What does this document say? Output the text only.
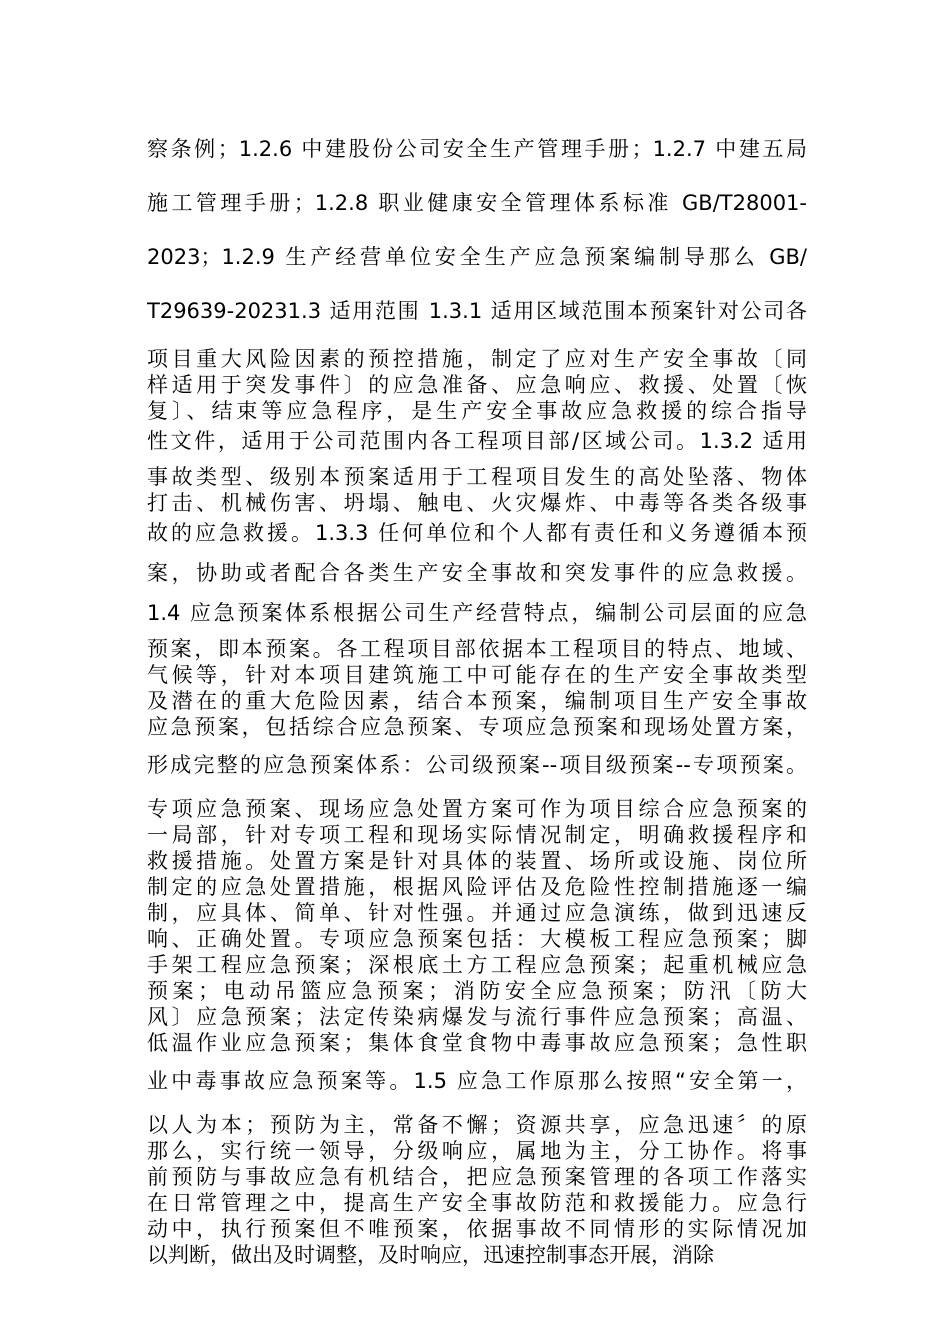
察条例；1.2.6 中建股份公司安全生产管理手册；1.2.7 中建五局
施工管理手册；1.2.8 职业健康安全管理体系标准 GB/T28001-
2023；1.2.9 生产经营单位安全生产应急预案编制导那么 GB/
T29639-20231.3 适用范围 1.3.1 适用区域范围本预案针对公司各
项目重大风险因素的预控措施，制定了应对生产安全事故〔同
样适用于突发事件〕的应急准备、应急响应、救援、处置〔恢
复〕、结束等应急程序，是生产安全事故应急救援的综合指导
性文件，适用于公司范围内各工程项目部/区域公司。1.3.2 适用
事故类型、级别本预案适用于工程项目发生的高处坠落、物体
打击、机械伤害、坍塌、触电、火灾爆炸、中毒等各类各级事
故的应急救援。1.3.3 任何单位和个人都有责任和义务遵循本预
案，协助或者配合各类生产安全事故和突发事件的应急救援。
1.4 应急预案体系根据公司生产经营特点，编制公司层面的应急
预案，即本预案。各工程项目部依据本工程项目的特点、地域、
气候等，针对本项目建筑施工中可能存在的生产安全事故类型
及潜在的重大危险因素，结合本预案，编制项目生产安全事故
应急预案，包括综合应急预案、专项应急预案和现场处置方案，
形成完整的应急预案体系：公司级预案--项目级预案--专项预案。
专项应急预案、现场应急处置方案可作为项目综合应急预案的
一局部，针对专项工程和现场实际情况制定，明确救援程序和
救援措施。处置方案是针对具体的装置、场所或设施、岗位所
制定的应急处置措施，根据风险评估及危险性控制措施逐一编
制，应具体、简单、针对性强。并通过应急演练，做到迅速反
响、正确处置。专项应急预案包括：大模板工程应急预案；脚
手架工程应急预案；深根底土方工程应急预案；起重机械应急
预案；电动吊篮应急预案；消防安全应急预案；防汛〔防大
风〕应急预案；法定传染病爆发与流行事件应急预案；高温、
低温作业应急预案；集体食堂食物中毒事故应急预案；急性职
业中毒事故应急预案等。1.5 应急工作原那么按照“安全第一，
以人为本；预防为主，常备不懈；资源共享，应急迅速〞的原
那么，实行统一领导，分级响应，属地为主，分工协作。将事
前预防与事故应急有机结合，把应急预案管理的各项工作落实
在日常管理之中，提高生产安全事故防范和救援能力。应急行
动中，执行预案但不唯预案，依据事故不同情形的实际情况加
以判断，做出及时调整，及时响应，迅速控制事态开展，消除
